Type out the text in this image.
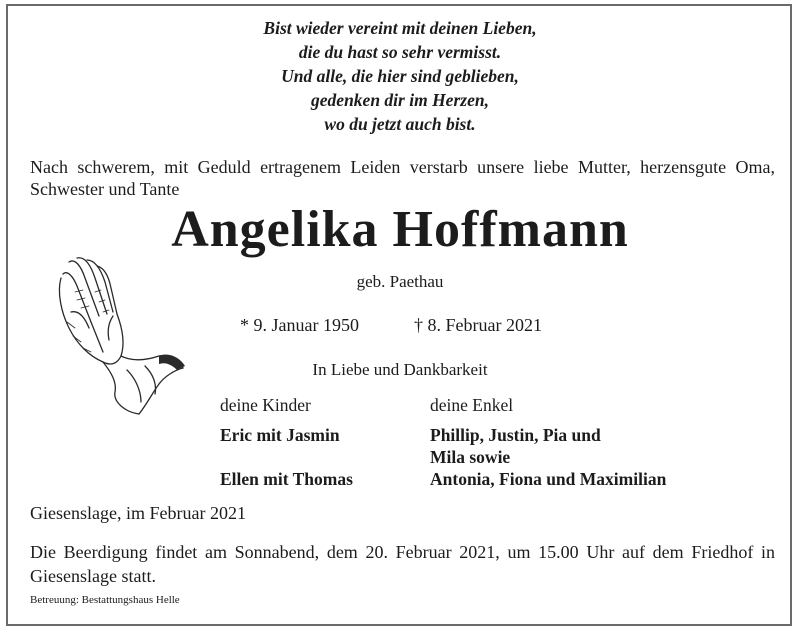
Bist wieder vereint mit deinen Lieben,
die du hast so sehr vermisst.
Und alle, die hier sind geblieben,
gedenken dir im Herzen,
wo du jetzt auch bist.
Nach schwerem, mit Geduld ertragenem Leiden verstarb unsere liebe Mutter, herzensgute Oma, Schwester und Tante
Angelika Hoffmann
geb. Paethau
* 9. Januar 1950	† 8. Februar 2021
In Liebe und Dankbarkeit
deine Kinder	deine Enkel
Eric mit Jasmin
Ellen mit Thomas
Phillip, Justin, Pia und
Mila sowie
Antonia, Fiona und Maximilian
Giesenslage, im Februar 2021
Die Beerdigung findet am Sonnabend, dem 20. Februar 2021, um 15.00 Uhr auf dem Friedhof in Giesenslage statt.
Betreuung: Bestattungshaus Helle
